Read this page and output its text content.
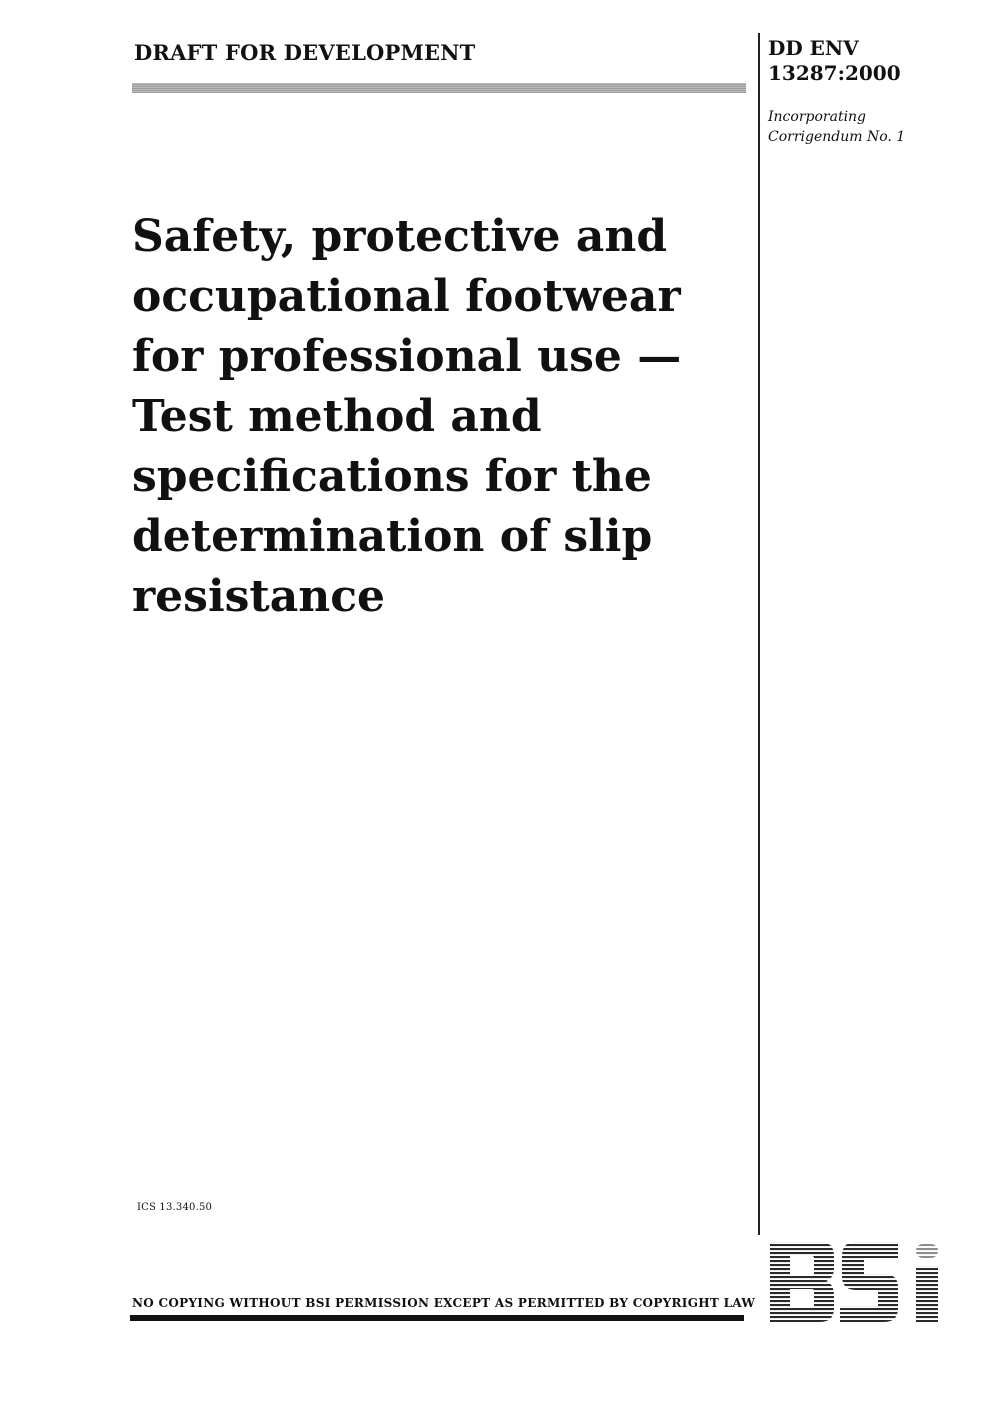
DRAFT FOR DEVELOPMENT	DD ENV
13287:2000
Incorporating
Corrigendum No. 1
Safety, protective and
occupational footwear
for professional use —
Test method and
specifications for the
determination of slip
resistance
ICS 13.340.50
NO COPYING WITHOUT BSI PERMISSION EXCEPT AS PERMITTED BY COPYRIGHT LAW
